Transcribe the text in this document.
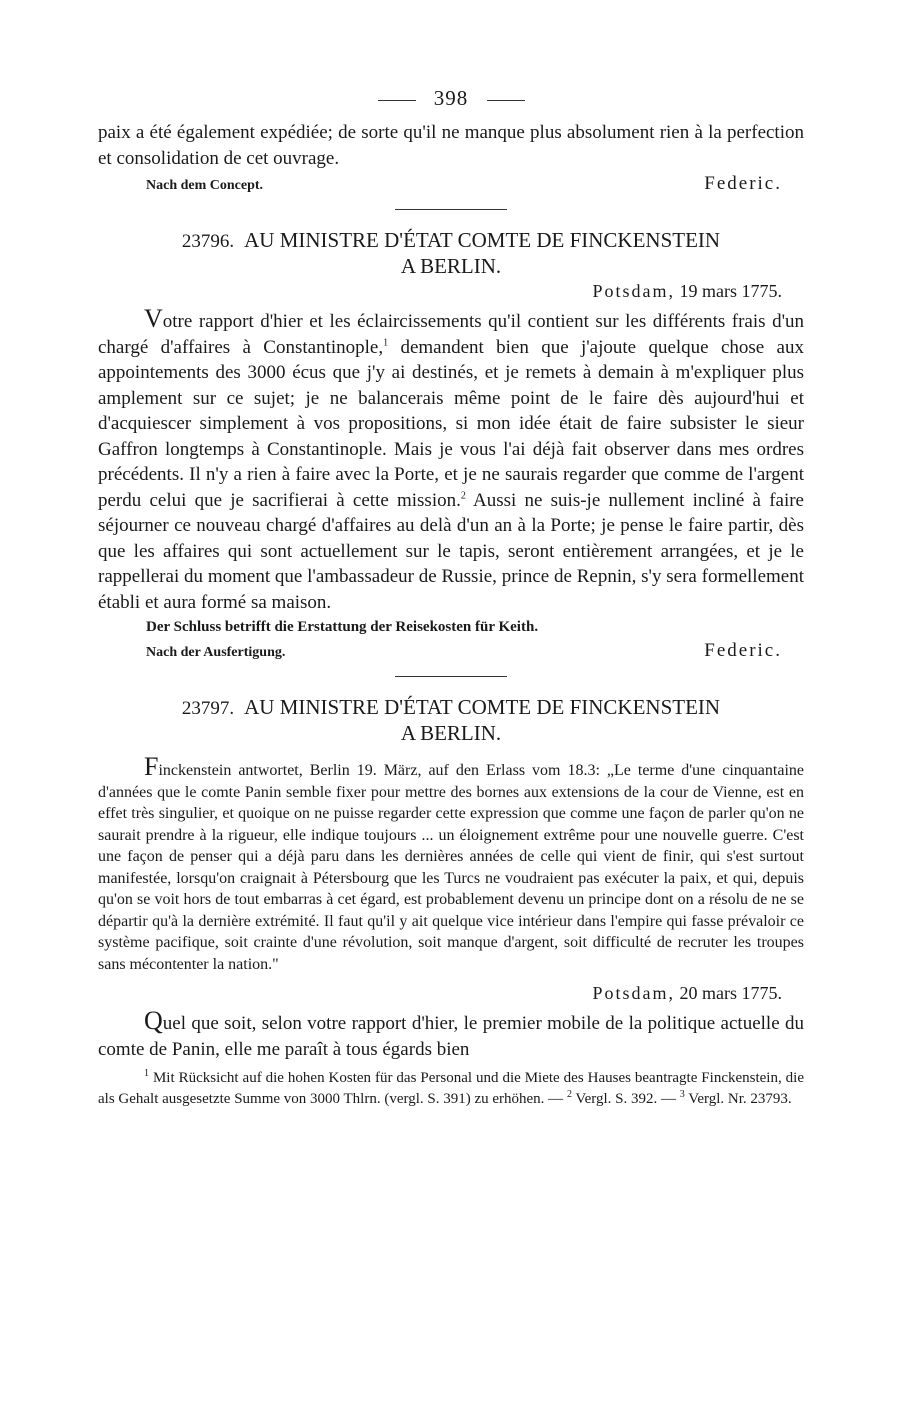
398

paix a été également expédiée; de sorte qu'il ne manque plus absolument rien à la perfection et consolidation de cet ouvrage.

Nach dem Concept.	Federic.
23796. AU MINISTRE D'ÉTAT COMTE DE FINCKENSTEIN
A BERLIN.
Potsdam, 19 mars 1775.

Votre rapport d'hier et les éclaircissements qu'il contient sur les différents frais d'un chargé d'affaires à Constantinople,$^1$ demandent bien que j'ajoute quelque chose aux appointements des 3000 écus que j'y ai destinés, et je remets à demain à m'expliquer plus amplement sur ce sujet; je ne balancerais même point de le faire dès aujourd'hui et d'acquiescer simplement à vos propositions, si mon idée était de faire subsister le sieur Gaffron longtemps à Constantinople. Mais je vous l'ai déjà fait observer dans mes ordres précédents. Il n'y a rien à faire avec la Porte, et je ne saurais regarder que comme de l'argent perdu celui que je sacrifierai à cette mission.$^2$ Aussi ne suis-je nullement incliné à faire séjourner ce nouveau chargé d'affaires au delà d'un an à la Porte; je pense le faire partir, dès que les affaires qui sont actuellement sur le tapis, seront entièrement arrangées, et je le rappellerai du moment que l'ambassadeur de Russie, prince de Repnin, s'y sera formellement établi et aura formé sa maison.

Der Schluss betrifft die Erstattung der Reisekosten für Keith.

Nach der Ausfertigung.	Federic.
23797. AU MINISTRE D'ÉTAT COMTE DE FINCKENSTEIN
A BERLIN.

Finckenstein antwortet, Berlin 19. März, auf den Erlass vom 18.3: „Le terme d'une cinquantaine d'années que le comte Panin semble fixer pour mettre des bornes aux extensions de la cour de Vienne, est en effet très singulier, et quoique on ne puisse regarder cette expression que comme une façon de parler qu'on ne saurait prendre à la rigueur, elle indique toujours ... un éloignement extrême pour une nouvelle guerre. C'est une façon de penser qui a déjà paru dans les dernières années de celle qui vient de finir, qui s'est surtout manifestée, lorsqu'on craignait à Pétersbourg que les Turcs ne voudraient pas exécuter la paix, et qui, depuis qu'on se voit hors de tout embarras à cet égard, est probablement devenu un principe dont on a résolu de ne se départir qu'à la dernière extrémité. Il faut qu'il y ait quelque vice intérieur dans l'empire qui fasse prévaloir ce système pacifique, soit crainte d'une révolution, soit manque d'argent, soit difficulté de recruter les troupes sans mécontenter la nation."

Potsdam, 20 mars 1775.

Quel que soit, selon votre rapport d'hier, le premier mobile de la politique actuelle du comte de Panin, elle me paraît à tous égards bien

$^1$ Mit Rücksicht auf die hohen Kosten für das Personal und die Miete des Hauses beantragte Finckenstein, die als Gehalt ausgesetzte Summe von 3000 Thlrn. (vergl. S. 391) zu erhöhen. — $^2$ Vergl. S. 392. — $^3$ Vergl. Nr. 23793.
